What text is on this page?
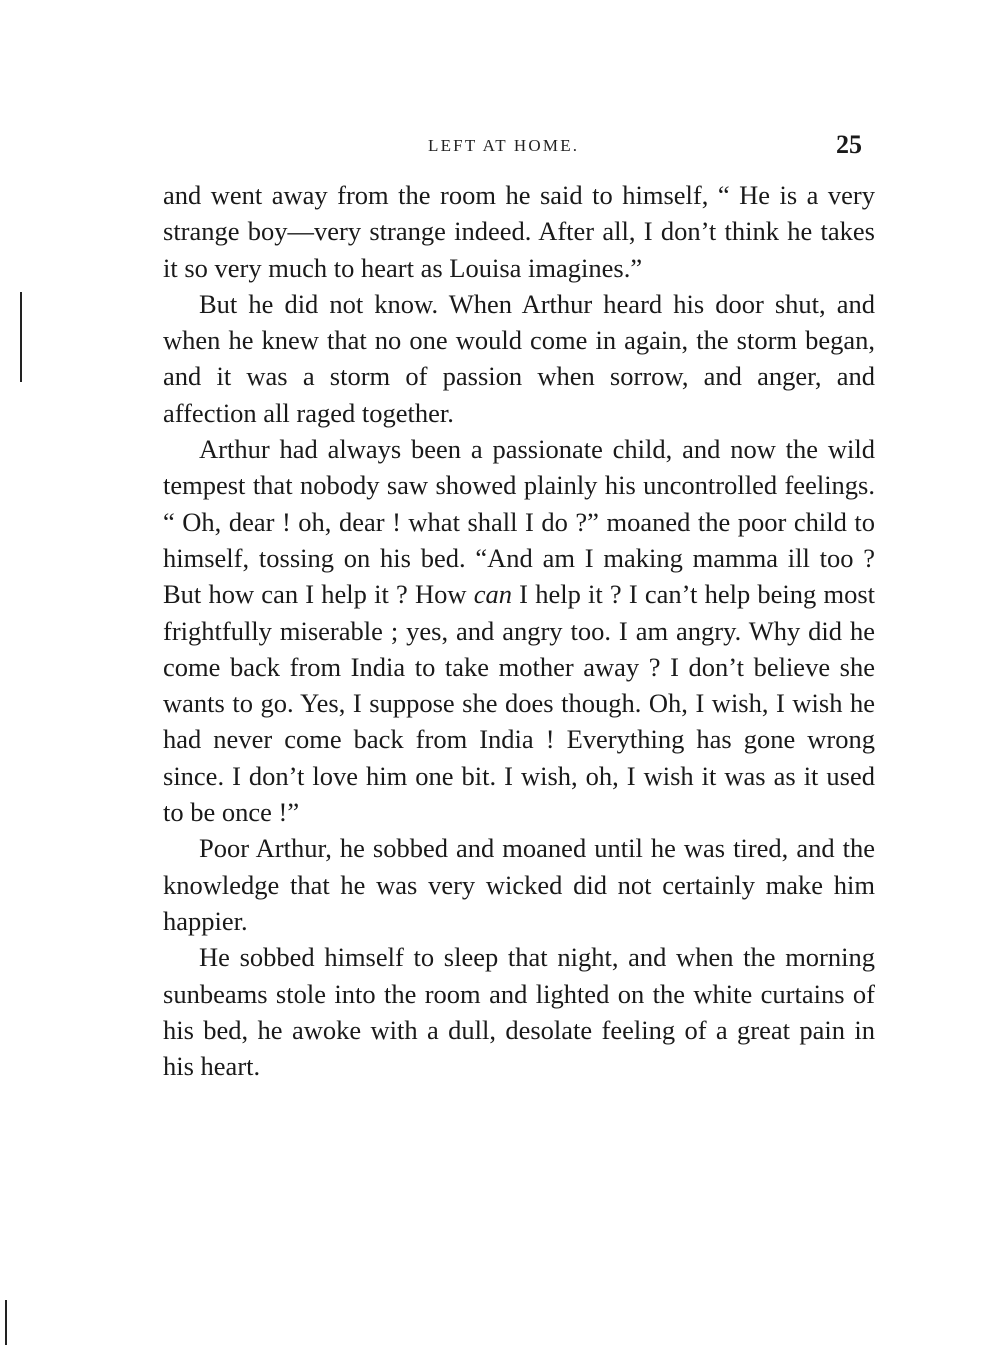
LEFT AT HOME.	25

and went away from the room he said to himself, “ He is a very strange boy—very strange indeed. After all, I don’t think he takes it so very much to heart as Louisa imagines.”

But he did not know. When Arthur heard his door shut, and when he knew that no one would come in again, the storm began, and it was a storm of passion when sorrow, and anger, and affection all raged together.

Arthur had always been a passionate child, and now the wild tempest that nobody saw showed plainly his uncontrolled feelings. “ Oh, dear ! oh, dear ! what shall I do ?” moaned the poor child to himself, tossing on his bed. “And am I making mamma ill too ? But how can I help it ? How can I help it ? I can’t help being most frightfully miserable ; yes, and angry too. I am angry. Why did he come back from India to take mother away ? I don’t believe she wants to go. Yes, I suppose she does though. Oh, I wish, I wish he had never come back from India ! Everything has gone wrong since. I don’t love him one bit. I wish, oh, I wish it was as it used to be once !”

Poor Arthur, he sobbed and moaned until he was tired, and the knowledge that he was very wicked did not certainly make him happier.

He sobbed himself to sleep that night, and when the morning sunbeams stole into the room and lighted on the white curtains of his bed, he awoke with a dull, desolate feeling of a great pain in his heart.
